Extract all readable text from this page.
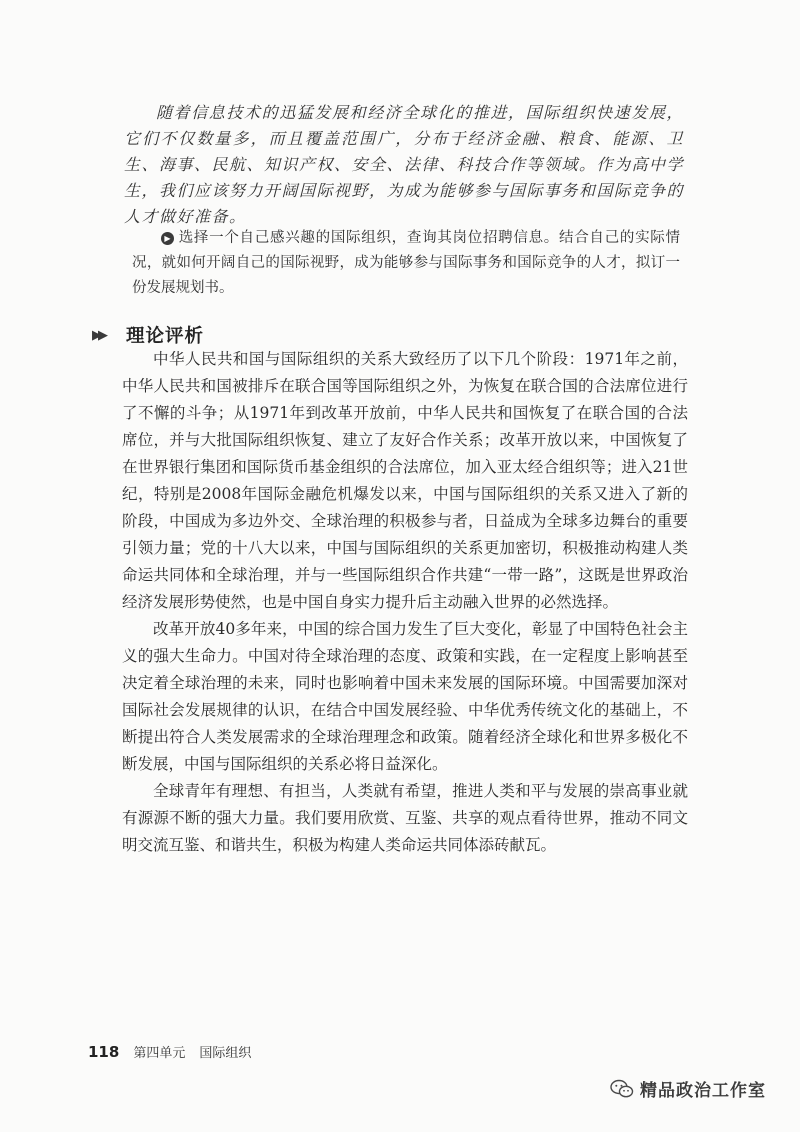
随着信息技术的迅猛发展和经济全球化的推进，国际组织快速发展，它们不仅数量多，而且覆盖范围广，分布于经济金融、粮食、能源、卫生、海事、民航、知识产权、安全、法律、科技合作等领域。作为高中学生，我们应该努力开阔国际视野，为成为能够参与国际事务和国际竞争的人才做好准备。
▶ 选择一个自己感兴趣的国际组织，查询其岗位招聘信息。结合自己的实际情况，就如何开阔自己的国际视野，成为能够参与国际事务和国际竞争的人才，拟订一份发展规划书。
▶▶ 理论评析

中华人民共和国与国际组织的关系大致经历了以下几个阶段：1971年之前，中华人民共和国被排斥在联合国等国际组织之外，为恢复在联合国的合法席位进行了不懈的斗争；从1971年到改革开放前，中华人民共和国恢复了在联合国的合法席位，并与大批国际组织恢复、建立了友好合作关系；改革开放以来，中国恢复了在世界银行集团和国际货币基金组织的合法席位，加入亚太经合组织等；进入21世纪，特别是2008年国际金融危机爆发以来，中国与国际组织的关系又进入了新的阶段，中国成为多边外交、全球治理的积极参与者，日益成为全球多边舞台的重要引领力量；党的十八大以来，中国与国际组织的关系更加密切，积极推动构建人类命运共同体和全球治理，并与一些国际组织合作共建“一带一路”，这既是世界政治经济发展形势使然，也是中国自身实力提升后主动融入世界的必然选择。

改革开放40多年来，中国的综合国力发生了巨大变化，彰显了中国特色社会主义的强大生命力。中国对待全球治理的态度、政策和实践，在一定程度上影响甚至决定着全球治理的未来，同时也影响着中国未来发展的国际环境。中国需要加深对国际社会发展规律的认识，在结合中国发展经验、中华优秀传统文化的基础上，不断提出符合人类发展需求的全球治理理念和政策。随着经济全球化和世界多极化不断发展，中国与国际组织的关系必将日益深化。

全球青年有理想、有担当，人类就有希望，推进人类和平与发展的崇高事业就有源源不断的强大力量。我们要用欣赏、互鉴、共享的观点看待世界，推动不同文明交流互鉴、和谐共生，积极为构建人类命运共同体添砖献瓦。

118 第四单元 国际组织
精品政治工作室
